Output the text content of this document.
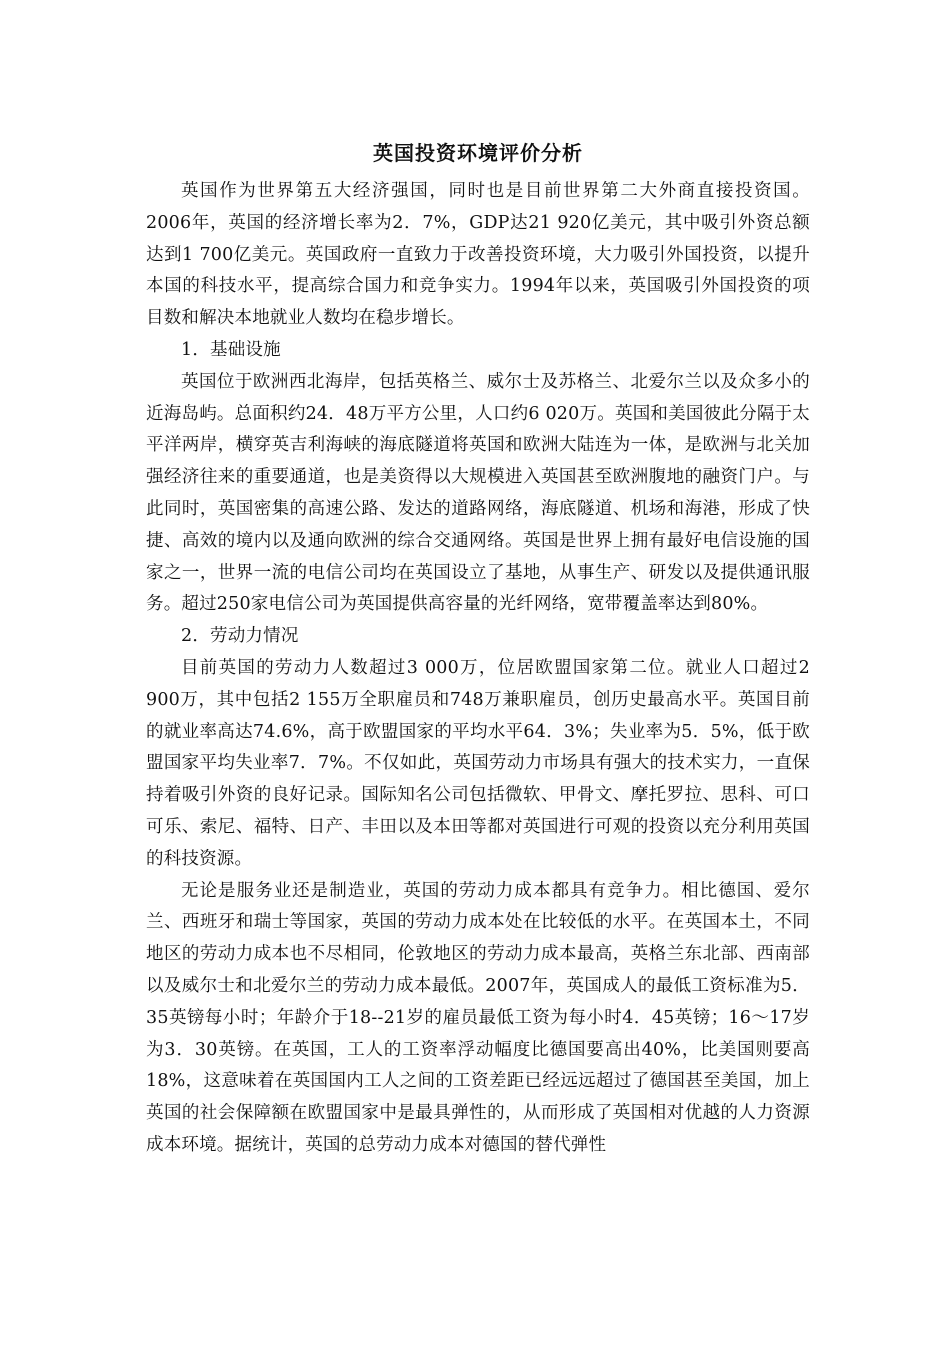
英国投资环境评价分析

英国作为世界第五大经济强国，同时也是目前世界第二大外商直接投资国。2006年，英国的经济增长率为2．7%，GDP达21 920亿美元，其中吸引外资总额达到1 700亿美元。英国政府一直致力于改善投资环境，大力吸引外国投资，以提升本国的科技水平，提高综合国力和竞争实力。1994年以来，英国吸引外国投资的项目数和解决本地就业人数均在稳步增长。

1．基础设施

英国位于欧洲西北海岸，包括英格兰、威尔士及苏格兰、北爱尔兰以及众多小的近海岛屿。总面积约24．48万平方公里，人口约6 020万。英国和美国彼此分隔于太平洋两岸，横穿英吉利海峡的海底隧道将英国和欧洲大陆连为一体，是欧洲与北关加强经济往来的重要通道，也是美资得以大规模进入英国甚至欧洲腹地的融资门户。与此同时，英国密集的高速公路、发达的道路网络，海底隧道、机场和海港，形成了快捷、高效的境内以及通向欧洲的综合交通网络。英国是世界上拥有最好电信设施的国家之一，世界一流的电信公司均在英国设立了基地，从事生产、研发以及提供通讯服务。超过250家电信公司为英国提供高容量的光纤网络，宽带覆盖率达到80%。

2．劳动力情况

目前英国的劳动力人数超过3 000万，位居欧盟国家第二位。就业人口超过2 900万，其中包括2 155万全职雇员和748万兼职雇员，创历史最高水平。英国目前的就业率高达74.6%，高于欧盟国家的平均水平64．3%；失业率为5．5%，低于欧盟国家平均失业率7．7%。不仅如此，英国劳动力市场具有强大的技术实力，一直保持着吸引外资的良好记录。国际知名公司包括微软、甲骨文、摩托罗拉、思科、可口可乐、索尼、福特、日产、丰田以及本田等都对英国进行可观的投资以充分利用英国的科技资源。

无论是服务业还是制造业，英国的劳动力成本都具有竞争力。相比德国、爱尔兰、西班牙和瑞士等国家，英国的劳动力成本处在比较低的水平。在英国本土，不同地区的劳动力成本也不尽相同，伦敦地区的劳动力成本最高，英格兰东北部、西南部以及威尔士和北爱尔兰的劳动力成本最低。2007年，英国成人的最低工资标准为5．35英镑每小时；年龄介于18--21岁的雇员最低工资为每小时4．45英镑；16～17岁为3．30英镑。在英国，工人的工资率浮动幅度比德国要高出40%，比美国则要高18%，这意味着在英国国内工人之间的工资差距已经远远超过了德国甚至美国，加上英国的社会保障额在欧盟国家中是最具弹性的，从而形成了英国相对优越的人力资源成本环境。据统计，英国的总劳动力成本对德国的替代弹性
